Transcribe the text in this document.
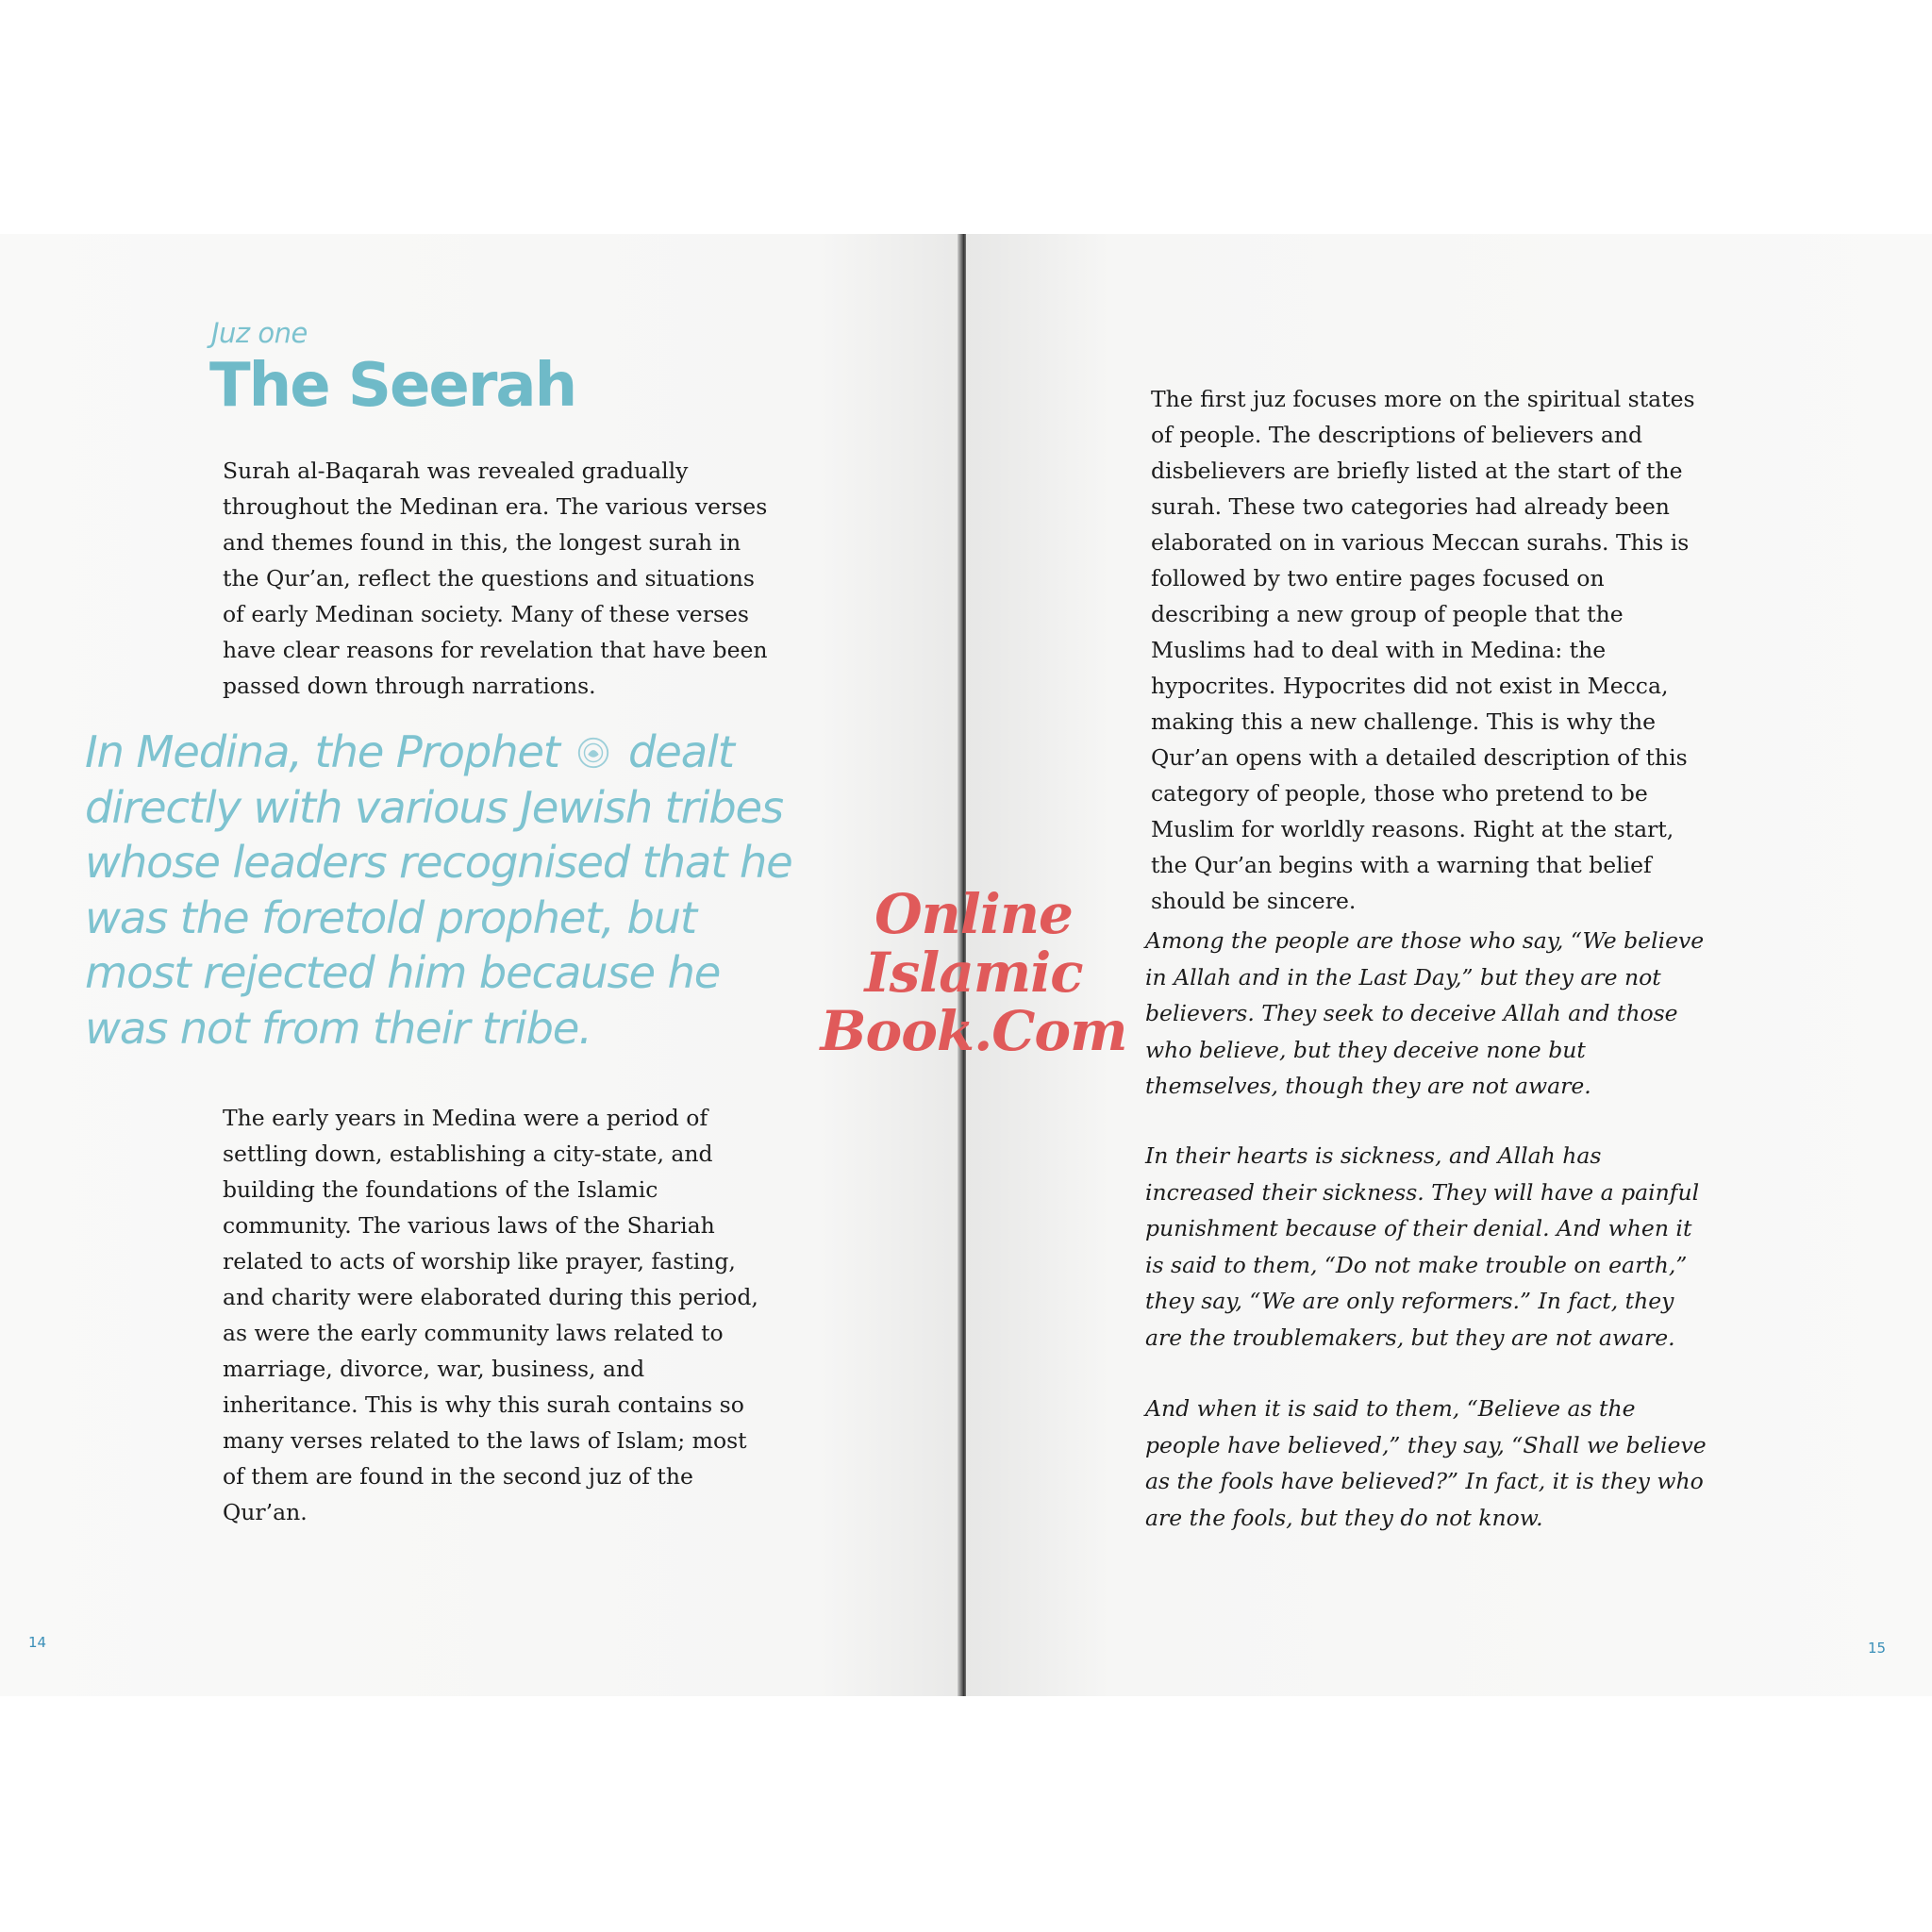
Juz one
The Seerah

Surah al-Baqarah was revealed gradually throughout the Medinan era. The various verses and themes found in this, the longest surah in the Qur’an, reflect the questions and situations of early Medinan society. Many of these verses have clear reasons for revelation that have been passed down through narrations.

In Medina, the Prophet dealt directly with various Jewish tribes whose leaders recognised that he was the foretold prophet, but most rejected him because he was not from their tribe.

The early years in Medina were a period of settling down, establishing a city-state, and building the foundations of the Islamic community. The various laws of the Shariah related to acts of worship like prayer, fasting, and charity were elaborated during this period, as were the early community laws related to marriage, divorce, war, business, and inheritance. This is why this surah contains so many verses related to the laws of Islam; most of them are found in the second juz of the Qur’an.

14

The first juz focuses more on the spiritual states of people. The descriptions of believers and disbelievers are briefly listed at the start of the surah. These two categories had already been elaborated on in various Meccan surahs. This is followed by two entire pages focused on describing a new group of people that the Muslims had to deal with in Medina: the hypocrites. Hypocrites did not exist in Mecca, making this a new challenge. This is why the Qur’an opens with a detailed description of this category of people, those who pretend to be Muslim for worldly reasons. Right at the start, the Qur’an begins with a warning that belief should be sincere.

Among the people are those who say, “We believe in Allah and in the Last Day,” but they are not believers. They seek to deceive Allah and those who believe, but they deceive none but themselves, though they are not aware.

In their hearts is sickness, and Allah has increased their sickness. They will have a painful punishment because of their denial. And when it is said to them, “Do not make trouble on earth,” they say, “We are only reformers.” In fact, they are the troublemakers, but they are not aware.

And when it is said to them, “Believe as the people have believed,” they say, “Shall we believe as the fools have believed?” In fact, it is they who are the fools, but they do not know.

15
Online Islamic
Book.Com
